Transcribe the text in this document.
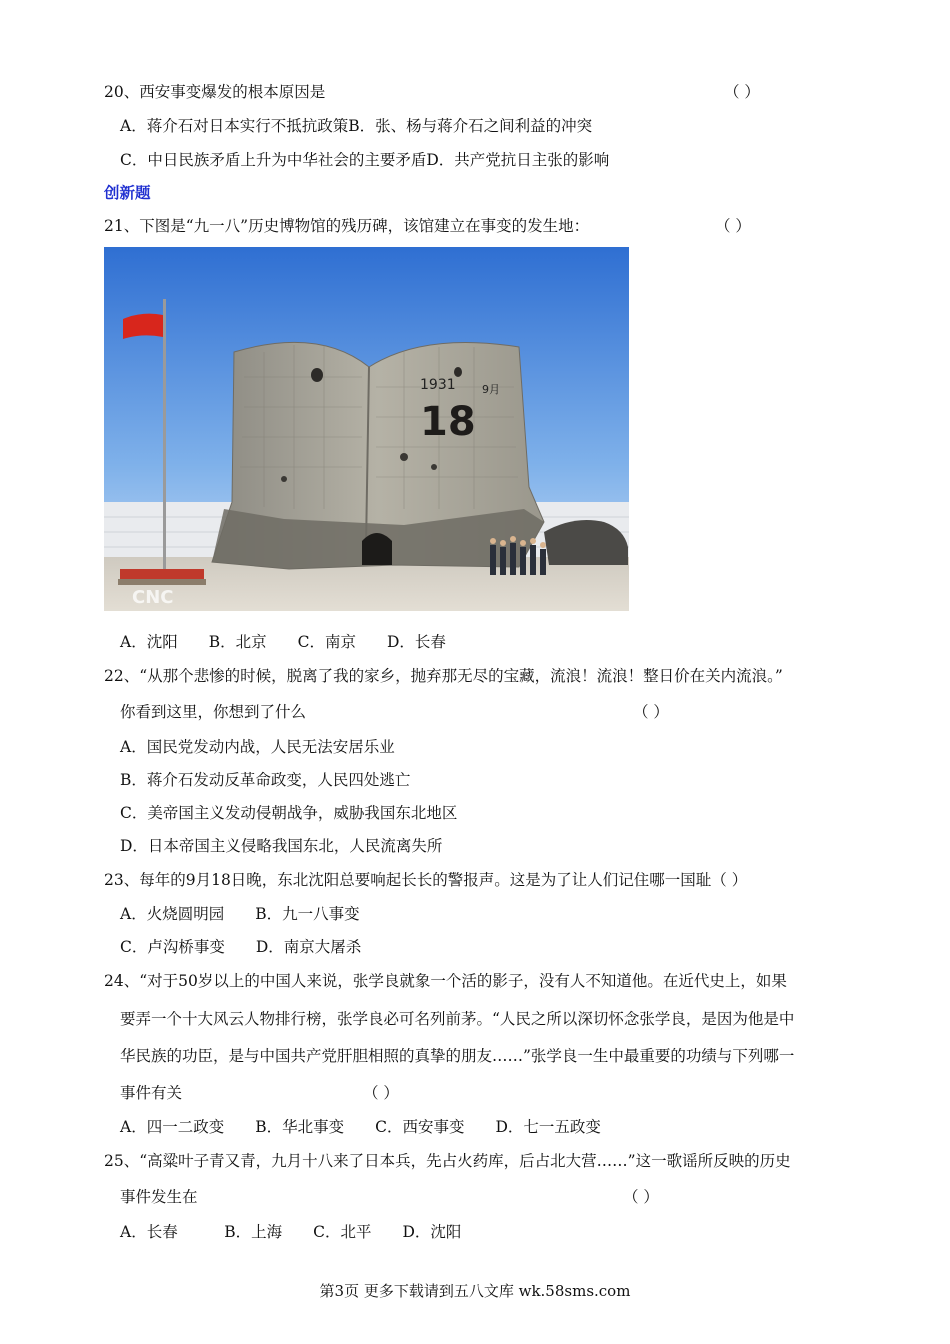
20、西安事变爆发的根本原因是	（ ）
A．蒋介石对日本实行不抵抗政策B．张、杨与蒋介石之间利益的冲突
C．中日民族矛盾上升为中华社会的主要矛盾D．共产党抗日主张的影响
创新题
21、下图是“九一八”历史博物馆的残历碑，该馆建立在事变的发生地：	（ ）
1931 9月
18
CNC
A．沈阳　　B．北京　　C．南京　　D．长春
22、“从那个悲惨的时候，脱离了我的家乡，抛弃那无尽的宝藏，流浪！流浪！整日价在关内流浪。”
你看到这里，你想到了什么	（ ）
A．国民党发动内战，人民无法安居乐业
B．蒋介石发动反革命政变，人民四处逃亡
C．美帝国主义发动侵朝战争，威胁我国东北地区
D．日本帝国主义侵略我国东北，人民流离失所
23、每年的9月18日晚，东北沈阳总要响起长长的警报声。这是为了让人们记住哪一国耻（ ）
A．火烧圆明园　　B．九一八事变
C．卢沟桥事变　　D．南京大屠杀
24、“对于50岁以上的中国人来说，张学良就象一个活的影子，没有人不知道他。在近代史上，如果
要弄一个十大风云人物排行榜，张学良必可名列前茅。“人民之所以深切怀念张学良，是因为他是中
华民族的功臣，是与中国共产党肝胆相照的真挚的朋友……”张学良一生中最重要的功绩与下列哪一
事件有关	（ ）
A．四一二政变　　B．华北事变　　C．西安事变　　D．七一五政变
25、“高粱叶子青又青，九月十八来了日本兵，先占火药库，后占北大营……”这一歌谣所反映的历史
事件发生在	（ ）
A．长春　　　B．上海　　C．北平　　D．沈阳
第3页 更多下载请到五八文库 wk.58sms.com
